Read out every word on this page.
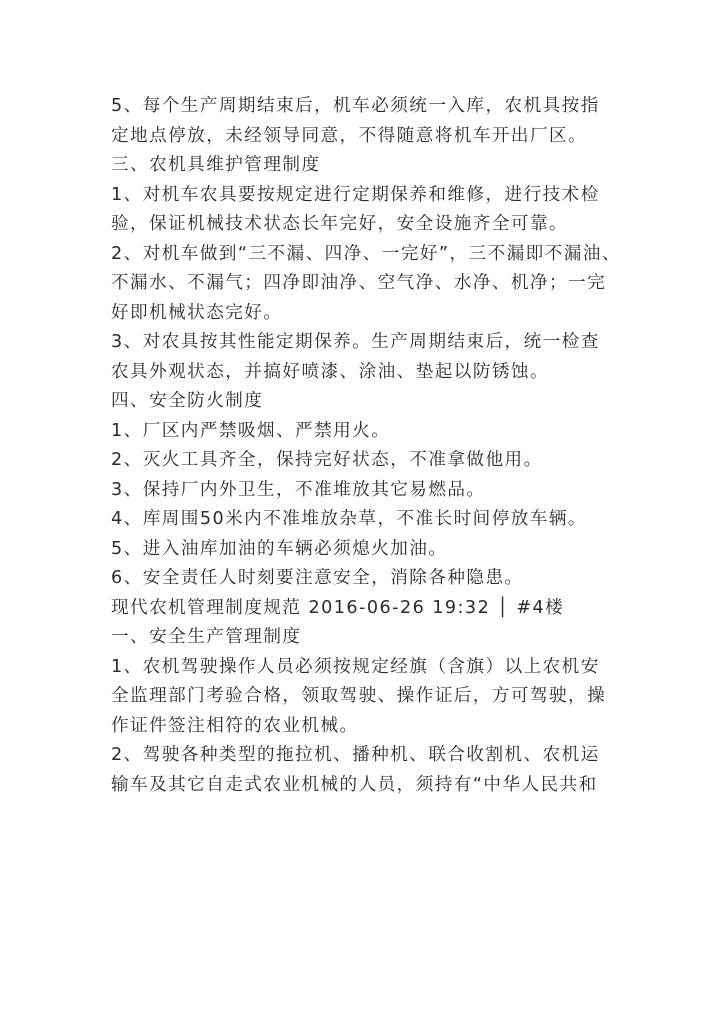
5、每个生产周期结束后，机车必须统一入库，农机具按指
定地点停放，未经领导同意，不得随意将机车开出厂区。
三、农机具维护管理制度
1、对机车农具要按规定进行定期保养和维修，进行技术检
验，保证机械技术状态长年完好，安全设施齐全可靠。
2、对机车做到“三不漏、四净、一完好”，三不漏即不漏油、
不漏水、不漏气；四净即油净、空气净、水净、机净；一完
好即机械状态完好。
3、对农具按其性能定期保养。生产周期结束后，统一检查
农具外观状态，并搞好喷漆、涂油、垫起以防锈蚀。
四、安全防火制度
1、厂区内严禁吸烟、严禁用火。
2、灭火工具齐全，保持完好状态，不准拿做他用。
3、保持厂内外卫生，不准堆放其它易燃品。
4、库周围50米内不准堆放杂草，不准长时间停放车辆。
5、进入油库加油的车辆必须熄火加油。
6、安全责任人时刻要注意安全，消除各种隐患。
现代农机管理制度规范 2016-06-26 19:32 │ #4楼
一、安全生产管理制度
1、农机驾驶操作人员必须按规定经旗（含旗）以上农机安
全监理部门考验合格，领取驾驶、操作证后，方可驾驶，操
作证件签注相符的农业机械。
2、驾驶各种类型的拖拉机、播种机、联合收割机、农机运
输车及其它自走式农业机械的人员，须持有“中华人民共和
